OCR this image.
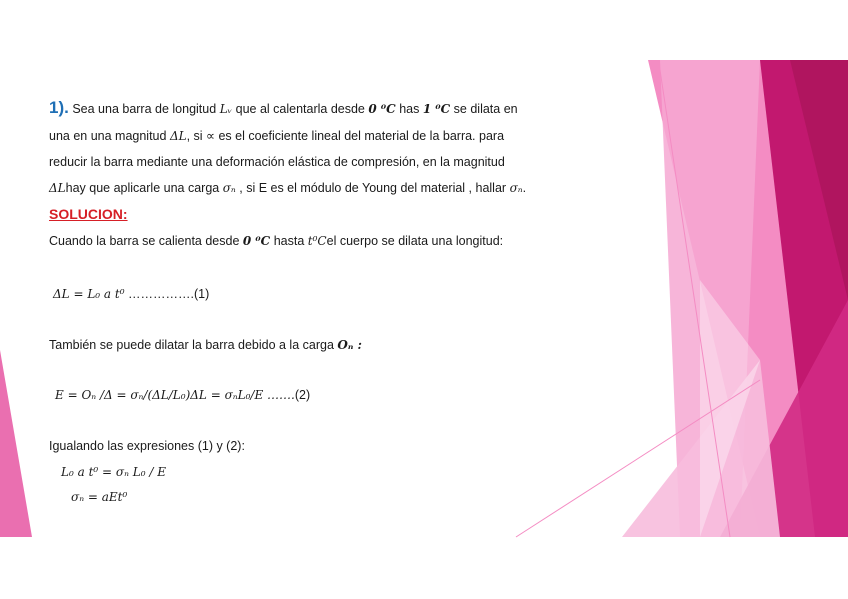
1). Sea una barra de longitud Lᵥ que al calentarla desde 0 ⁰C has 1 ⁰C se dilata en
una en una magnitud ΔL, si ∝ es el coeficiente lineal del material de la barra. para
reducir la barra mediante una deformación elástica de compresión, en la magnitud
ΔLhay que aplicarle una carga σₙ , si E es el módulo de Young del material , hallar σₙ.
SOLUCION:
Cuando la barra se calienta desde 0 ⁰C hasta t⁰Cel cuerpo se dilata una longitud:
ΔL = L₀ a t⁰ …………….(1)
También se puede dilatar la barra debido a la carga Oₙ :
E = Oₙ /Δ = σₙ/(ΔL/L₀)ΔL = σₙL₀/E …….(2)
Igualando las expresiones (1) y (2):
L₀ a t⁰ = σₙ L₀ / E
σₙ = aEt⁰
